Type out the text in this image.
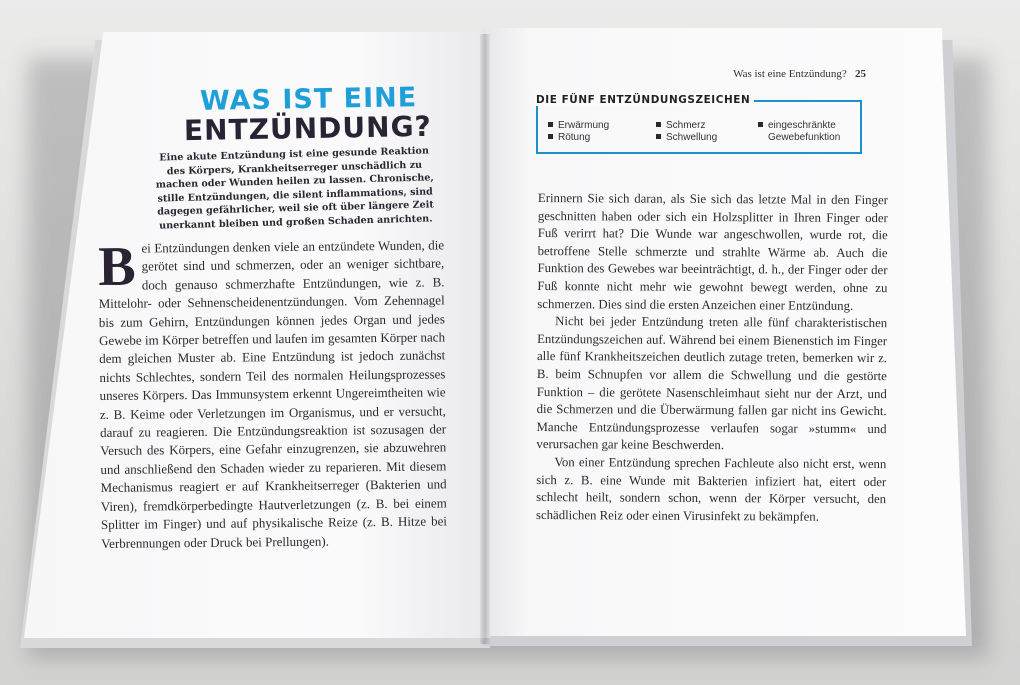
WAS IST EINE
ENTZÜNDUNG?

Eine akute Entzündung ist eine gesunde Reaktion des Körpers, Krankheitserreger unschädlich zu machen oder Wunden heilen zu lassen. Chronische, stille Entzündungen, die silent inflammations, sind dagegen gefährlicher, weil sie oft über längere Zeit unerkannt bleiben und großen Schaden anrichten.

Bei Entzündungen denken viele an entzündete Wunden, die gerötet sind und schmerzen, oder an weniger sichtbare, doch genauso schmerzhafte Entzündungen, wie z. B. Mittelohr- oder Sehnenscheidenentzündungen. Vom Zehennagel bis zum Gehirn, Entzündungen können jedes Organ und jedes Gewebe im Körper betreffen und laufen im gesamten Körper nach dem gleichen Muster ab. Eine Entzündung ist jedoch zunächst nichts Schlechtes, sondern Teil des normalen Heilungsprozesses unseres Körpers. Das Immunsystem erkennt Ungereimtheiten wie z. B. Keime oder Verletzungen im Organismus, und er versucht, darauf zu reagieren. Die Entzündungsreaktion ist sozusagen der Versuch des Körpers, eine Gefahr einzugrenzen, sie abzuwehren und anschließend den Schaden wieder zu reparieren. Mit diesem Mechanismus reagiert er auf Krankheitserreger (Bakterien und Viren), fremdkörperbedingte Hautverletzungen (z. B. bei einem Splitter im Finger) und auf physikalische Reize (z. B. Hitze bei Verbrennungen oder Druck bei Prellungen).

Was ist eine Entzündung? 25
DIE FÜNF ENTZÜNDUNGSZEICHEN
Erwärmung
Rötung
Schmerz
Schwellung
eingeschränkte
Gewebefunktion

Erinnern Sie sich daran, als Sie sich das letzte Mal in den Finger geschnitten haben oder sich ein Holzsplitter in Ihren Finger oder Fuß verirrt hat? Die Wunde war angeschwollen, wurde rot, die betroffene Stelle schmerzte und strahlte Wärme ab. Auch die Funktion des Gewebes war beeinträchtigt, d. h., der Finger oder der Fuß konnte nicht mehr wie gewohnt bewegt werden, ohne zu schmerzen. Dies sind die ersten Anzeichen einer Entzündung.

Nicht bei jeder Entzündung treten alle fünf charakteristischen Entzündungszeichen auf. Während bei einem Bienenstich im Finger alle fünf Krankheitszeichen deutlich zutage treten, bemerken wir z. B. beim Schnupfen vor allem die Schwellung und die gestörte Funktion – die gerötete Nasenschleimhaut sieht nur der Arzt, und die Schmerzen und die Überwärmung fallen gar nicht ins Gewicht. Manche Entzündungsprozesse verlaufen sogar »stumm« und verursachen gar keine Beschwerden.

Von einer Entzündung sprechen Fachleute also nicht erst, wenn sich z. B. eine Wunde mit Bakterien infiziert hat, eitert oder schlecht heilt, sondern schon, wenn der Körper versucht, den schädlichen Reiz oder einen Virusinfekt zu bekämpfen.
